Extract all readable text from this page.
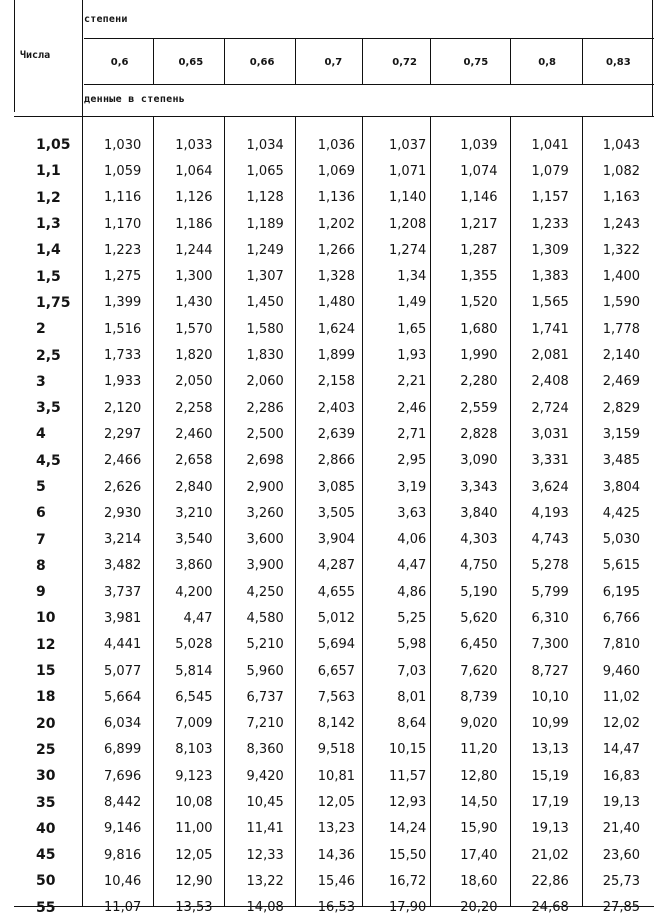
степени
Числа
денные в степень
0,6	0,65	0,66	0,7	0,72	0,75	0,8	0,83
1,05	1,030	1,033	1,034	1,036	1,037	1,039	1,041	1,043
1,1	1,059	1,064	1,065	1,069	1,071	1,074	1,079	1,082
1,2	1,116	1,126	1,128	1,136	1,140	1,146	1,157	1,163
1,3	1,170	1,186	1,189	1,202	1,208	1,217	1,233	1,243
1,4	1,223	1,244	1,249	1,266	1,274	1,287	1,309	1,322
1,5	1,275	1,300	1,307	1,328	1,34	1,355	1,383	1,400
1,75	1,399	1,430	1,450	1,480	1,49	1,520	1,565	1,590
2	1,516	1,570	1,580	1,624	1,65	1,680	1,741	1,778
2,5	1,733	1,820	1,830	1,899	1,93	1,990	2,081	2,140
3	1,933	2,050	2,060	2,158	2,21	2,280	2,408	2,469
3,5	2,120	2,258	2,286	2,403	2,46	2,559	2,724	2,829
4	2,297	2,460	2,500	2,639	2,71	2,828	3,031	3,159
4,5	2,466	2,658	2,698	2,866	2,95	3,090	3,331	3,485
5	2,626	2,840	2,900	3,085	3,19	3,343	3,624	3,804
6	2,930	3,210	3,260	3,505	3,63	3,840	4,193	4,425
7	3,214	3,540	3,600	3,904	4,06	4,303	4,743	5,030
8	3,482	3,860	3,900	4,287	4,47	4,750	5,278	5,615
9	3,737	4,200	4,250	4,655	4,86	5,190	5,799	6,195
10	3,981	4,47	4,580	5,012	5,25	5,620	6,310	6,766
12	4,441	5,028	5,210	5,694	5,98	6,450	7,300	7,810
15	5,077	5,814	5,960	6,657	7,03	7,620	8,727	9,460
18	5,664	6,545	6,737	7,563	8,01	8,739	10,10	11,02
20	6,034	7,009	7,210	8,142	8,64	9,020	10,99	12,02
25	6,899	8,103	8,360	9,518	10,15	11,20	13,13	14,47
30	7,696	9,123	9,420	10,81	11,57	12,80	15,19	16,83
35	8,442	10,08	10,45	12,05	12,93	14,50	17,19	19,13
40	9,146	11,00	11,41	13,23	14,24	15,90	19,13	21,40
45	9,816	12,05	12,33	14,36	15,50	17,40	21,02	23,60
50	10,46	12,90	13,22	15,46	16,72	18,60	22,86	25,73
55	11,07	13,53	14,08	16,53	17,90	20,20	24,68	27,85
